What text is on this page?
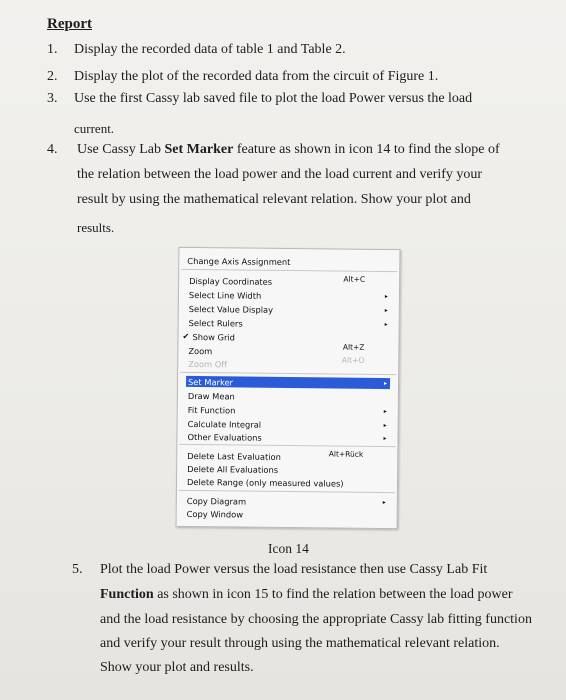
Report
1. Display the recorded data of table 1 and Table 2.
2. Display the plot of the recorded data from the circuit of Figure 1.
3. Use the first Cassy lab saved file to plot the load Power versus the load
current.
4. Use Cassy Lab Set Marker feature as shown in icon 14 to find the slope of
the relation between the load power and the load current and verify your
result by using the mathematical relevant relation. Show your plot and
results.
Change Axis Assignment
Display Coordinates	Alt+C
Select Line Width	▸
Select Value Display	▸
Select Rulers	▸
✔ Show Grid
Zoom	Alt+Z
Zoom Off	Alt+O
Set Marker	▸
Draw Mean
Fit Function	▸
Calculate Integral	▸
Other Evaluations	▸
Delete Last Evaluation	Alt+Rück
Delete All Evaluations
Delete Range (only measured values)
Copy Diagram	▸
Copy Window
Icon 14
5. Plot the load Power versus the load resistance then use Cassy Lab Fit
Function as shown in icon 15 to find the relation between the load power
and the load resistance by choosing the appropriate Cassy lab fitting function
and verify your result through using the mathematical relevant relation.
Show your plot and results.
